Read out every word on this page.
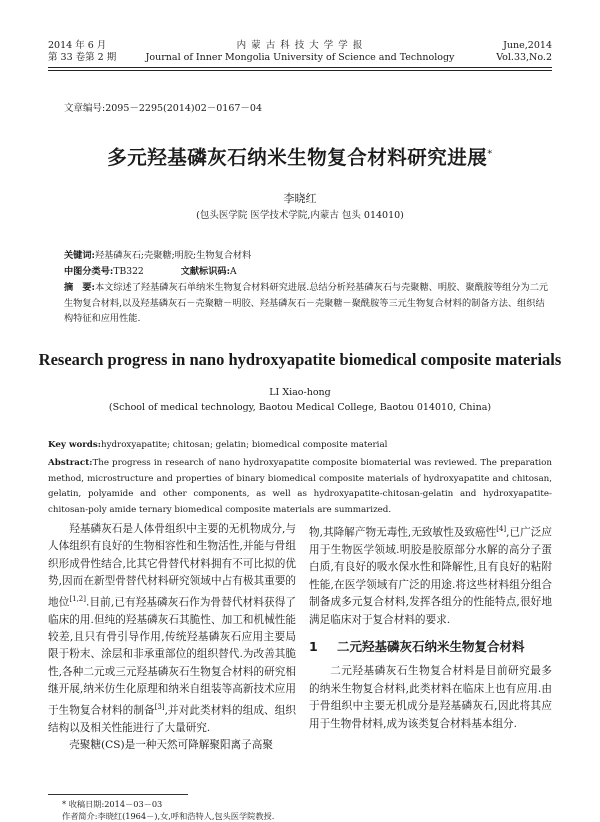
2014 年 6 月
第 33 卷第 2 期
内 蒙 古 科 技 大 学 学 报
Journal of Inner Mongolia University of Science and Technology
June,2014
Vol.33,No.2
文章编号:2095－2295(2014)02－0167－04
多元羟基磷灰石纳米生物复合材料研究进展*
李晓红
(包头医学院 医学技术学院,内蒙古 包头 014010)
关键词:羟基磷灰石;壳聚糖;明胶;生物复合材料
中图分类号:TB322	文献标识码:A
摘　要:本文综述了羟基磷灰石单纳米生物复合材料研究进展.总结分析羟基磷灰石与壳聚糖、明胶、聚酰胺等组分为二元生物复合材料,以及羟基磷灰石－壳聚糖－明胶、羟基磷灰石－壳聚糖－聚酰胺等三元生物复合材料的制备方法、组织结构特征和应用性能.
Research progress in nano hydroxyapatite biomedical composite materials
LI Xiao-hong
(School of medical technology, Baotou Medical College, Baotou 014010, China)
Key words:hydroxyapatite; chitosan; gelatin; biomedical composite material
Abstract:The progress in research of nano hydroxyapatite composite biomaterial was reviewed. The preparation method, microstructure and properties of binary biomedical composite materials of hydroxyapatite and chitosan, gelatin, polyamide and other components, as well as hydroxyapatite-chitosan-gelatin and hydroxyapatite-chitosan-poly amide ternary biomedical composite materials are summarized.

羟基磷灰石是人体骨组织中主要的无机物成分,与人体组织有良好的生物相容性和生物活性,并能与骨组织形成骨性结合,比其它骨替代材料拥有不可比拟的优势,因而在新型骨替代材料研究领域中占有极其重要的地位[1,2].目前,已有羟基磷灰石作为骨替代材料获得了临床的用.但纯的羟基磷灰石其脆性、加工和机械性能较差,且只有骨引导作用,传统羟基磷灰石应用主要局限于粉末、涂层和非承重部位的组织替代.为改善其脆性,各种二元或三元羟基磷灰石生物复合材料的研究相继开展,纳米仿生化原理和纳米自组装等高新技术应用于生物复合材料的制备[3],并对此类材料的组成、组织结构以及相关性能进行了大量研究.

壳聚糖(CS)是一种天然可降解聚阳离子高聚

物,其降解产物无毒性,无致敏性及致癌性[4],已广泛应用于生物医学领域.明胶是胶原部分水解的高分子蛋白质,有良好的吸水保水性和降解性,且有良好的粘附性能,在医学领域有广泛的用途.将这些材料组分组合制备成多元复合材料,发挥各组分的性能特点,很好地满足临床对于复合材料的要求.

1 二元羟基磷灰石纳米生物复合材料

二元羟基磷灰石生物复合材料是目前研究最多的纳米生物复合材料,此类材料在临床上也有应用.由于骨组织中主要无机成分是羟基磷灰石,因此将其应用于生物骨材料,成为该类复合材料基本组分.

* 收稿日期:2014－03－03
作者简介:李晓红(1964－),女,呼和浩特人,包头医学院教授.
